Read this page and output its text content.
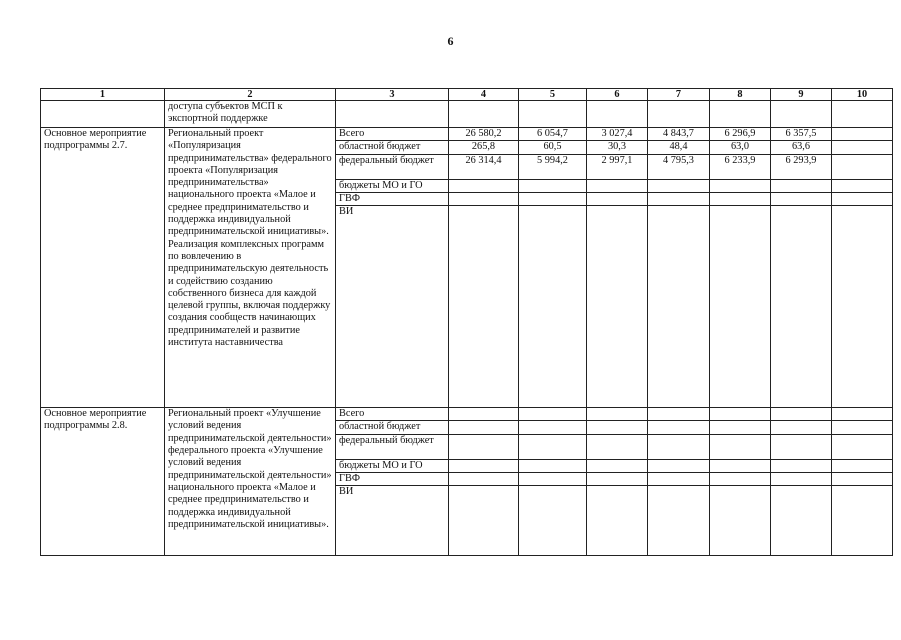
6
1	2	3	4	5	6	7	8	9	10
	доступа субъектов МСП к экспортной поддержке								
Основное мероприятие подпрограммы 2.7.	Региональный проект «Популяризация предпринимательства» федерального проекта «Популяризация предпринимательства» национального проекта «Малое и среднее предпринимательство и поддержка индивидуальной предпринимательской инициативы». Реализация комплексных программ по вовлечению в предпринимательскую деятельность и содействию созданию собственного бизнеса для каждой целевой группы, включая поддержку создания сообществ начинающих предпринимателей и развитие института наставничества	Всего	26 580,2	6 054,7	3 027,4	4 843,7	6 296,9	6 357,5	
		областной бюджет	265,8	60,5	30,3	48,4	63,0	63,6	
		федеральный бюджет	26 314,4	5 994,2	2 997,1	4 795,3	6 233,9	6 293,9	
		бюджеты МО и ГО							
		ГВФ							
		ВИ							
Основное мероприятие подпрограммы 2.8.	Региональный проект «Улучшение условий ведения предпринимательской деятельности» федерального проекта «Улучшение условий ведения предпринимательской деятельности» национального проекта «Малое и среднее предпринимательство и поддержка индивидуальной предпринимательской инициативы».	Всего							
		областной бюджет							
		федеральный бюджет							
		бюджеты МО и ГО							
		ГВФ							
		ВИ							
